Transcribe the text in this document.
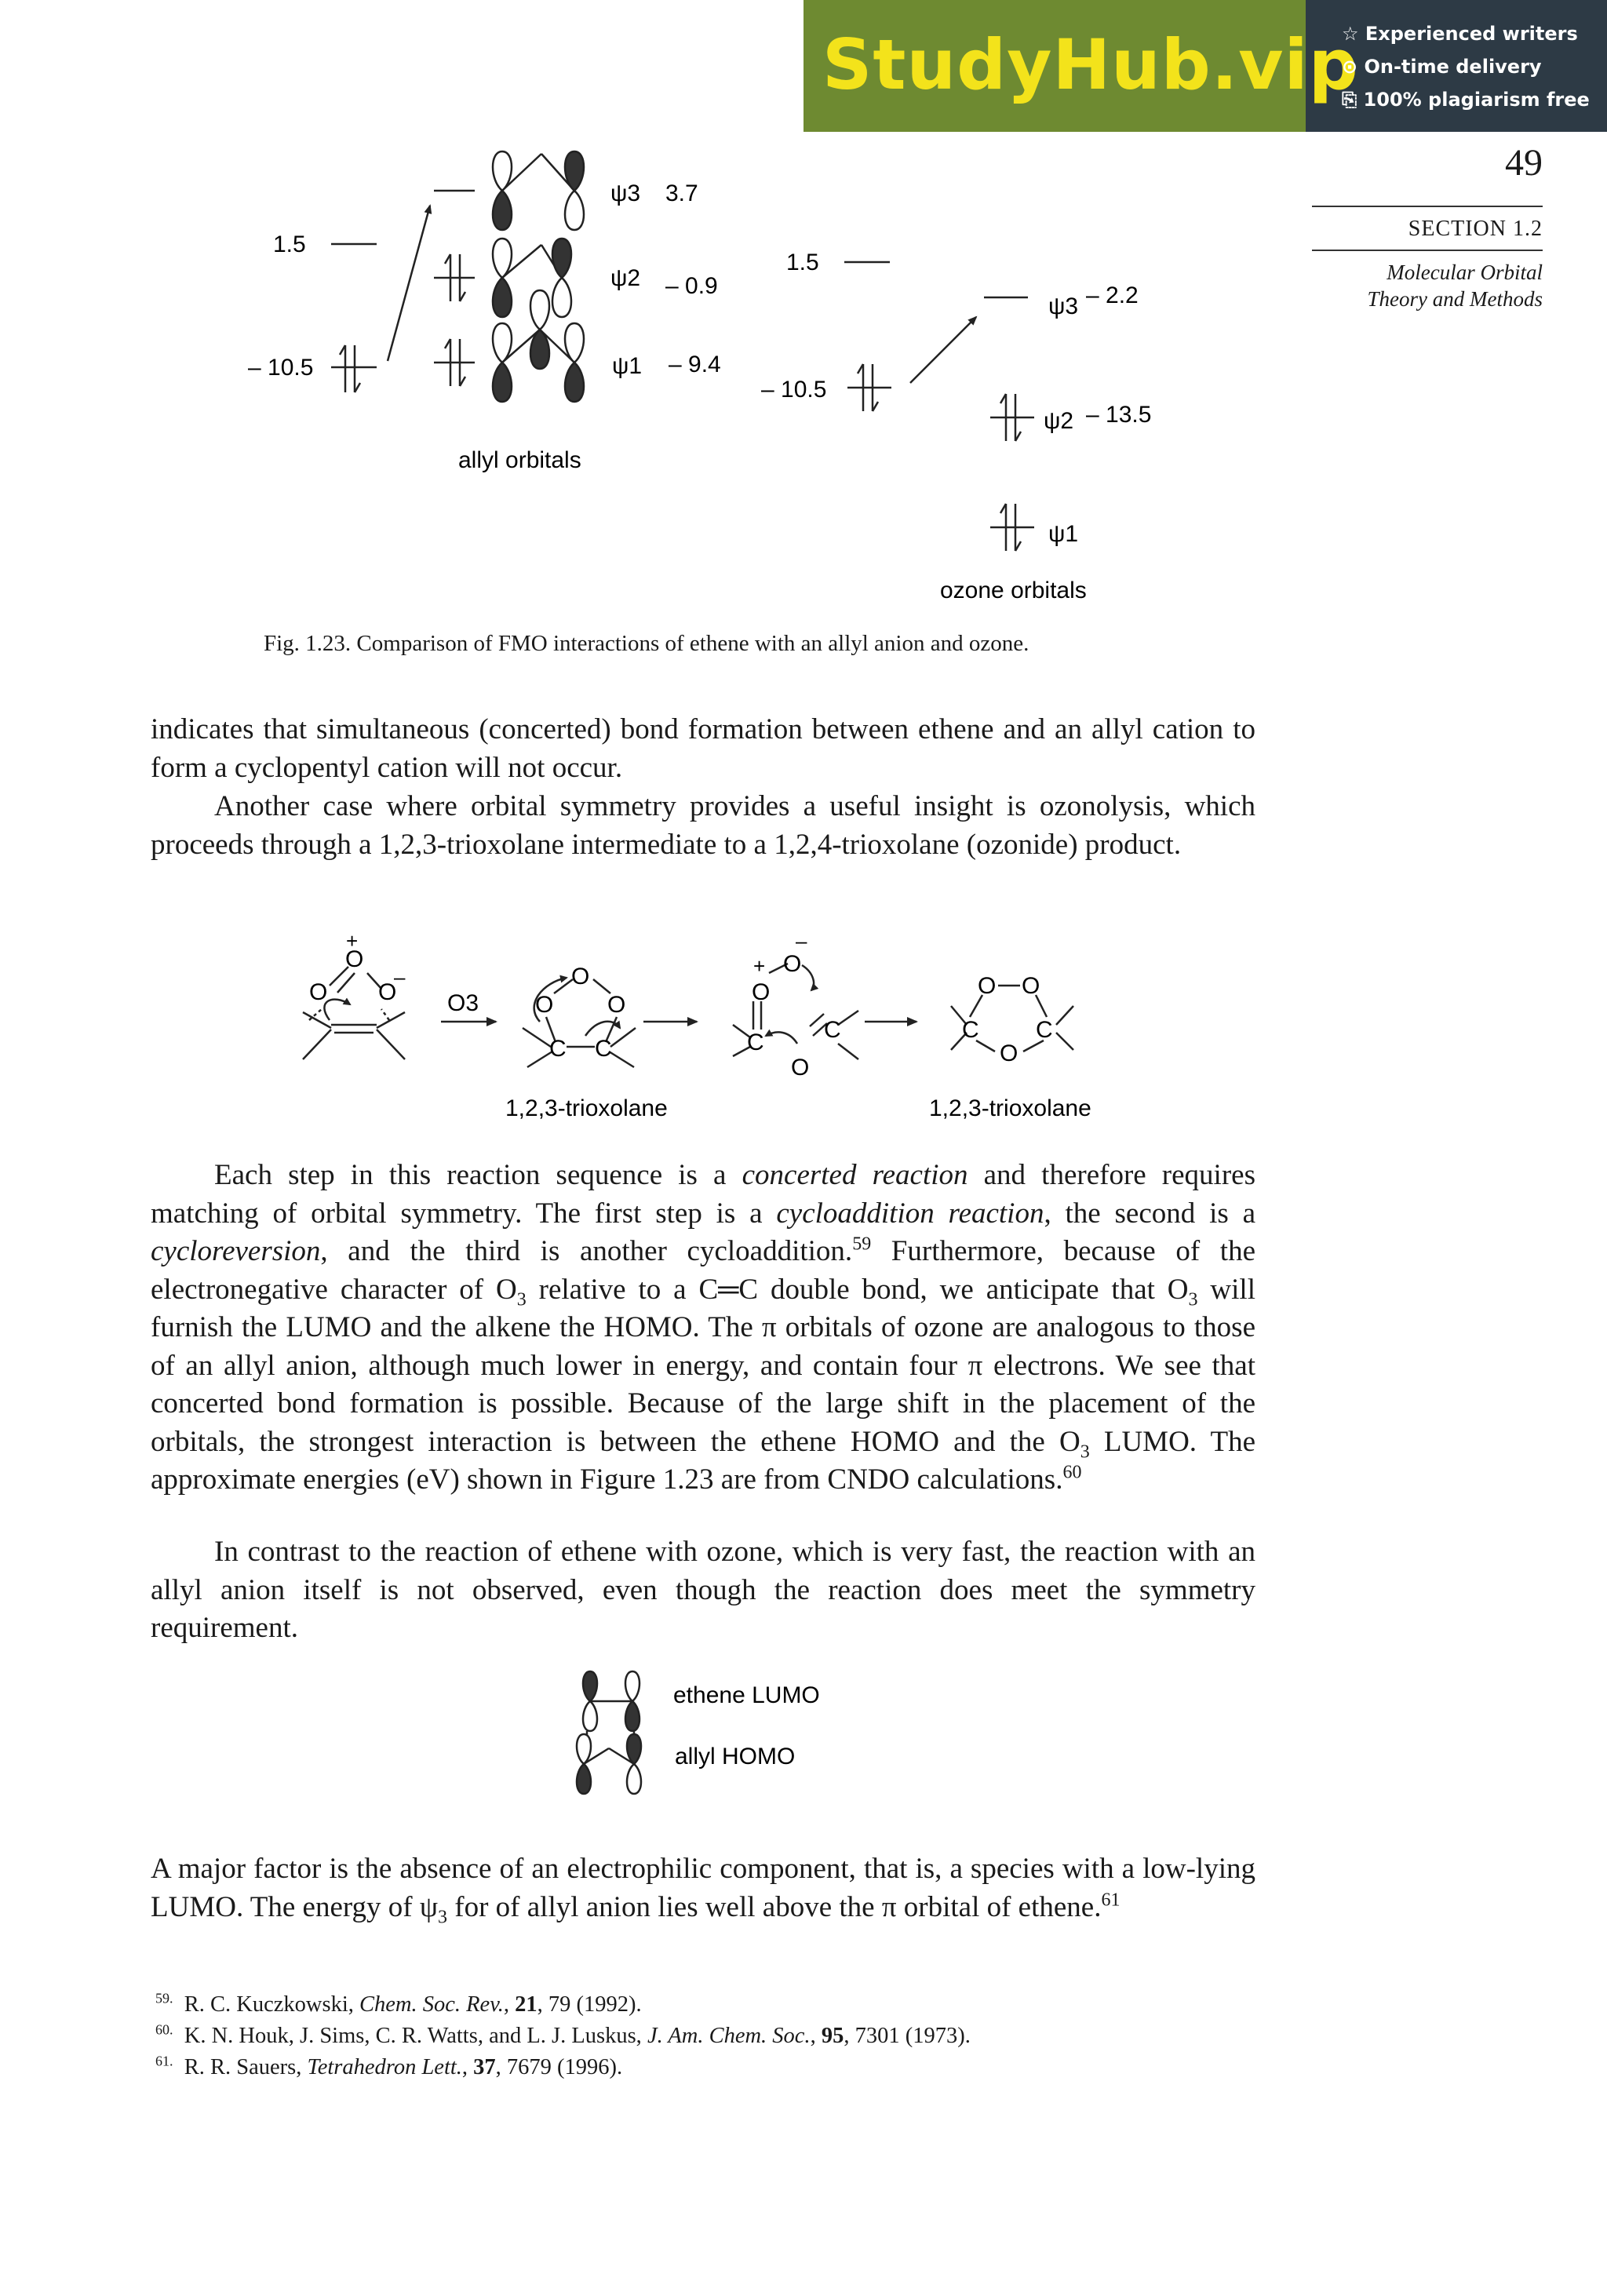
StudyHub.vip
☆ Experienced writers
⊙ On-time delivery
⎘ 100% plagiarism free
49
SECTION 1.2
Molecular Orbital
Theory and Methods
1.5
– 10.5
ψ3 3.7
ψ2 – 0.9
ψ1 – 9.4
allyl orbitals
1.5
– 10.5
ψ3 – 2.2
ψ2 – 13.5
ψ1
ozone orbitals
Fig. 1.23. Comparison of FMO interactions of ethene with an allyl anion and ozone.
indicates that simultaneous (concerted) bond formation between ethene and an allyl cation to form a cyclopentyl cation will not occur.
Another case where orbital symmetry provides a useful insight is ozonolysis, which proceeds through a 1,2,3-trioxolane intermediate to a 1,2,4-trioxolane (ozonide) product.
O
+
O O
–	O
O O
C C
O
–
O
+
C	C
O
O O
C C
O
O3
1,2,3-trioxolane	1,2,3-trioxolane
Each step in this reaction sequence is a concerted reaction and therefore requires matching of orbital symmetry. The first step is a cycloaddition reaction, the second is a cycloreversion, and the third is another cycloaddition.$^{59}$ Furthermore, because of the electronegative character of $O_3$ relative to a C═C double bond, we anticipate that $O_3$ will furnish the LUMO and the alkene the HOMO. The π orbitals of ozone are analogous to those of an allyl anion, although much lower in energy, and contain four π electrons. We see that concerted bond formation is possible. Because of the large shift in the placement of the orbitals, the strongest interaction is between the ethene HOMO and the $O_3$ LUMO. The approximate energies (eV) shown in Figure 1.23 are from CNDO calculations.$^{60}$
In contrast to the reaction of ethene with ozone, which is very fast, the reaction with an allyl anion itself is not observed, even though the reaction does meet the symmetry requirement.
ethene LUMO
allyl HOMO
A major factor is the absence of an electrophilic component, that is, a species with a low-lying LUMO. The energy of $\psi_3$ for of allyl anion lies well above the π orbital of ethene.$^{61}$
$^{59.}$ R. C. Kuczkowski, Chem. Soc. Rev., 21, 79 (1992).
$^{60.}$ K. N. Houk, J. Sims, C. R. Watts, and L. J. Luskus, J. Am. Chem. Soc., 95, 7301 (1973).
$^{61.}$ R. R. Sauers, Tetrahedron Lett., 37, 7679 (1996).
